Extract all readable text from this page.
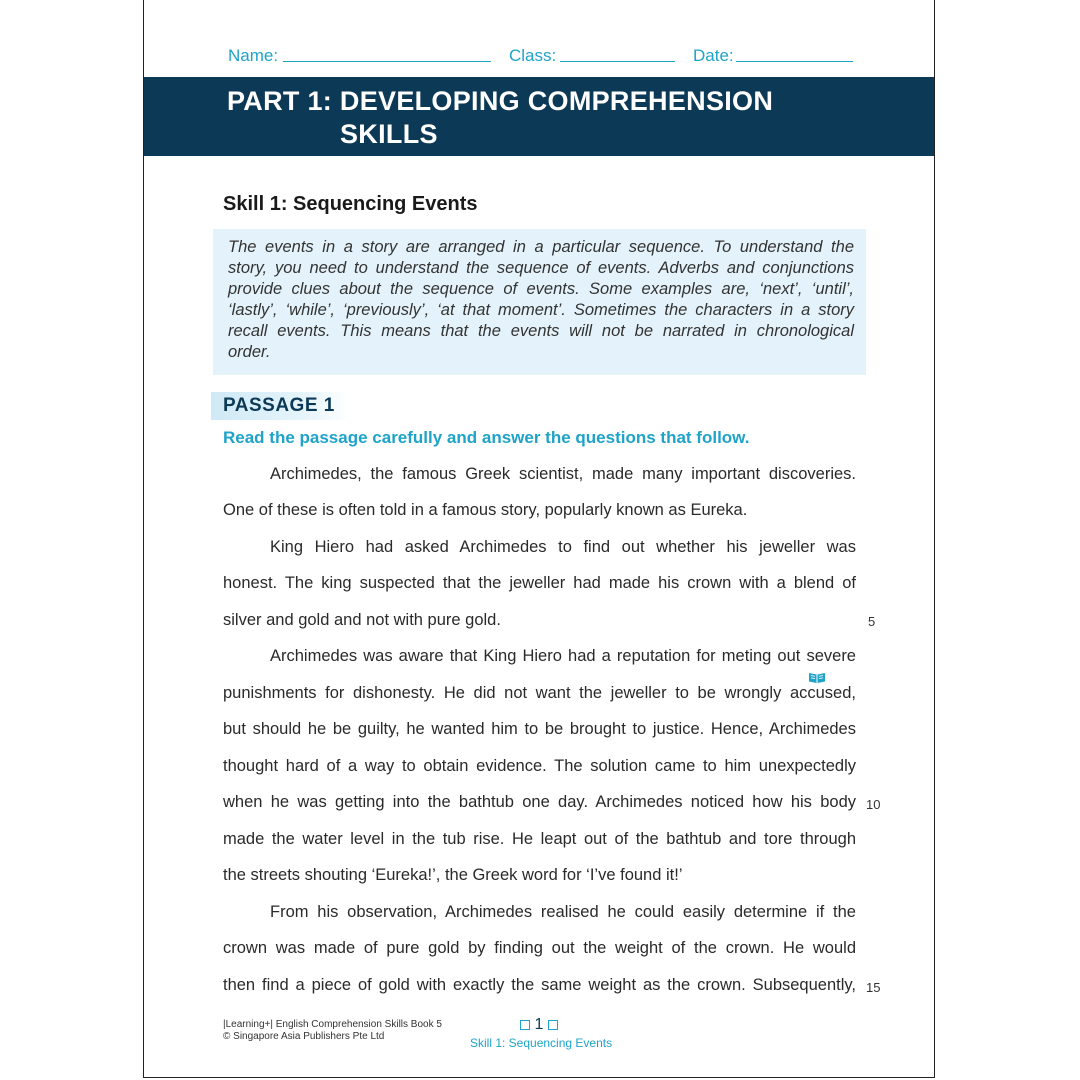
Name:	Class:	Date:
PART 1: DEVELOPING COMPREHENSION
SKILLS
Skill 1: Sequencing Events
The events in a story are arranged in a particular sequence. To understand the
story, you need to understand the sequence of events. Adverbs and conjunctions
provide clues about the sequence of events. Some examples are, ‘next’, ‘until’,
‘lastly’, ‘while’, ‘previously’, ‘at that moment’. Sometimes the characters in a story
recall events. This means that the events will not be narrated in chronological
order.
PASSAGE 1
Read the passage carefully and answer the questions that follow.
Archimedes, the famous Greek scientist, made many important discoveries.
One of these is often told in a famous story, popularly known as Eureka.
King Hiero had asked Archimedes to find out whether his jeweller was
honest. The king suspected that the jeweller had made his crown with a blend of
silver and gold and not with pure gold.	5
Archimedes was aware that King Hiero had a reputation for meting out severe
punishments for dishonesty. He did not want the jeweller to be wrongly accused,
but should he be guilty, he wanted him to be brought to justice. Hence, Archimedes
thought hard of a way to obtain evidence. The solution came to him unexpectedly
when he was getting into the bathtub one day. Archimedes noticed how his body 10
made the water level in the tub rise. He leapt out of the bathtub and tore through
the streets shouting ‘Eureka!’, the Greek word for ‘I’ve found it!’
From his observation, Archimedes realised he could easily determine if the
crown was made of pure gold by finding out the weight of the crown. He would
then find a piece of gold with exactly the same weight as the crown. Subsequently, 15
|Learning+| English Comprehension Skills Book 5
© Singapore Asia Publishers Pte Ltd
1
Skill 1: Sequencing Events
